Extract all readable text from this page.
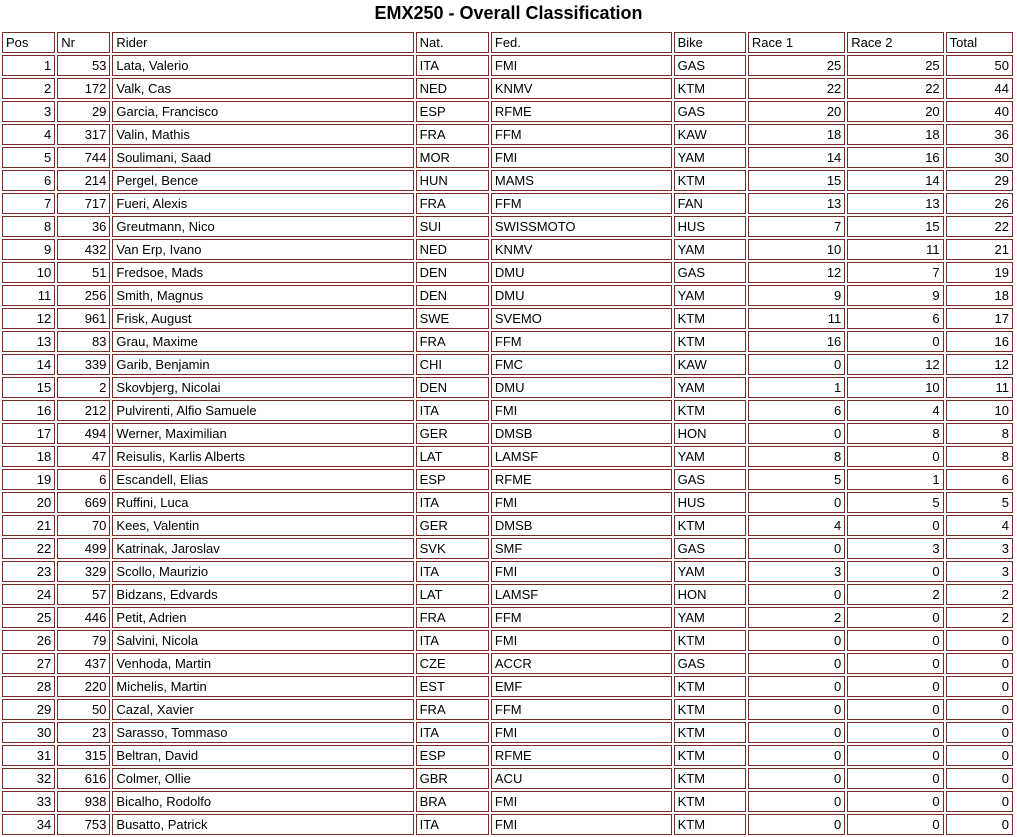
EMX250 - Overall Classification
Pos	Nr	Rider	Nat.	Fed.	Bike	Race 1	Race 2	Total
1	53	Lata, Valerio	ITA	FMI	GAS	25	25	50
2	172	Valk, Cas	NED	KNMV	KTM	22	22	44
3	29	Garcia, Francisco	ESP	RFME	GAS	20	20	40
4	317	Valin, Mathis	FRA	FFM	KAW	18	18	36
5	744	Soulimani, Saad	MOR	FMI	YAM	14	16	30
6	214	Pergel, Bence	HUN	MAMS	KTM	15	14	29
7	717	Fueri, Alexis	FRA	FFM	FAN	13	13	26
8	36	Greutmann, Nico	SUI	SWISSMOTO	HUS	7	15	22
9	432	Van Erp, Ivano	NED	KNMV	YAM	10	11	21
10	51	Fredsoe, Mads	DEN	DMU	GAS	12	7	19
11	256	Smith, Magnus	DEN	DMU	YAM	9	9	18
12	961	Frisk, August	SWE	SVEMO	KTM	11	6	17
13	83	Grau, Maxime	FRA	FFM	KTM	16	0	16
14	339	Garib, Benjamin	CHI	FMC	KAW	0	12	12
15	2	Skovbjerg, Nicolai	DEN	DMU	YAM	1	10	11
16	212	Pulvirenti, Alfio Samuele	ITA	FMI	KTM	6	4	10
17	494	Werner, Maximilian	GER	DMSB	HON	0	8	8
18	47	Reisulis, Karlis Alberts	LAT	LAMSF	YAM	8	0	8
19	6	Escandell, Elias	ESP	RFME	GAS	5	1	6
20	669	Ruffini, Luca	ITA	FMI	HUS	0	5	5
21	70	Kees, Valentin	GER	DMSB	KTM	4	0	4
22	499	Katrinak, Jaroslav	SVK	SMF	GAS	0	3	3
23	329	Scollo, Maurizio	ITA	FMI	YAM	3	0	3
24	57	Bidzans, Edvards	LAT	LAMSF	HON	0	2	2
25	446	Petit, Adrien	FRA	FFM	YAM	2	0	2
26	79	Salvini, Nicola	ITA	FMI	KTM	0	0	0
27	437	Venhoda, Martin	CZE	ACCR	GAS	0	0	0
28	220	Michelis, Martin	EST	EMF	KTM	0	0	0
29	50	Cazal, Xavier	FRA	FFM	KTM	0	0	0
30	23	Sarasso, Tommaso	ITA	FMI	KTM	0	0	0
31	315	Beltran, David	ESP	RFME	KTM	0	0	0
32	616	Colmer, Ollie	GBR	ACU	KTM	0	0	0
33	938	Bicalho, Rodolfo	BRA	FMI	KTM	0	0	0
34	753	Busatto, Patrick	ITA	FMI	KTM	0	0	0
